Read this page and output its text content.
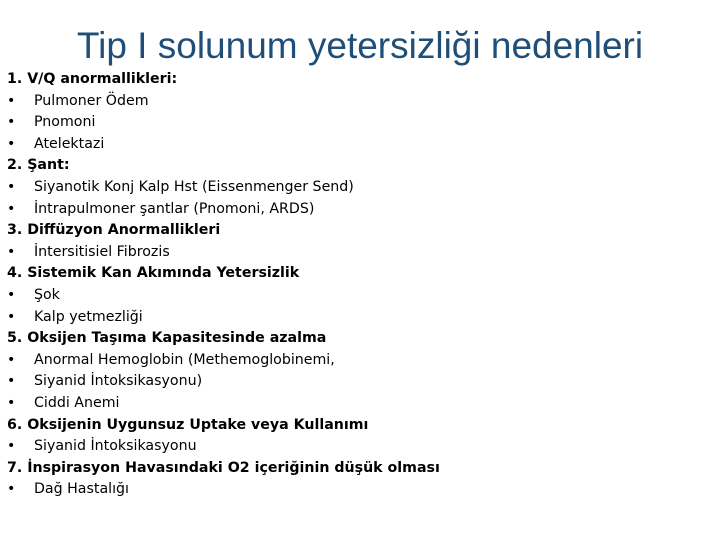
Tip I solunum yetersizliği nedenleri
1. V/Q anormallikleri:
• Pulmoner Ödem
• Pnomoni
• Atelektazi
2. Şant:
• Siyanotik Konj Kalp Hst (Eissenmenger Send)
• İntrapulmoner şantlar (Pnomoni, ARDS)
3. Diffüzyon Anormallikleri
• İntersitisiel Fibrozis
4. Sistemik Kan Akımında Yetersizlik
• Şok
• Kalp yetmezliği
5. Oksijen Taşıma Kapasitesinde azalma
• Anormal Hemoglobin (Methemoglobinemi,
• Siyanid İntoksikasyonu)
• Ciddi Anemi
6. Oksijenin Uygunsuz Uptake veya Kullanımı
• Siyanid İntoksikasyonu
7. İnspirasyon Havasındaki O2 içeriğinin düşük olması
• Dağ Hastalığı
